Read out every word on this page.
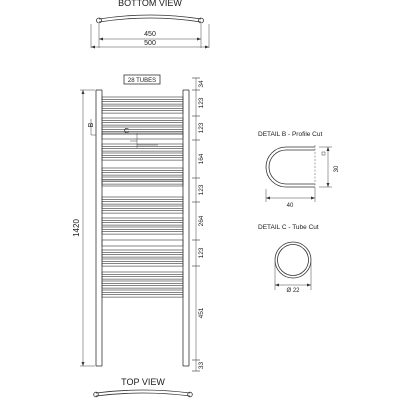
BOTTOM VIEW
450
500
28 TUBES
1420
B
C
34
123
123
164
123
264
123
451
33
TOP VIEW
DETAIL B - Profile Cut
30
40
DETAIL C - Tube Cut
Ø 22
